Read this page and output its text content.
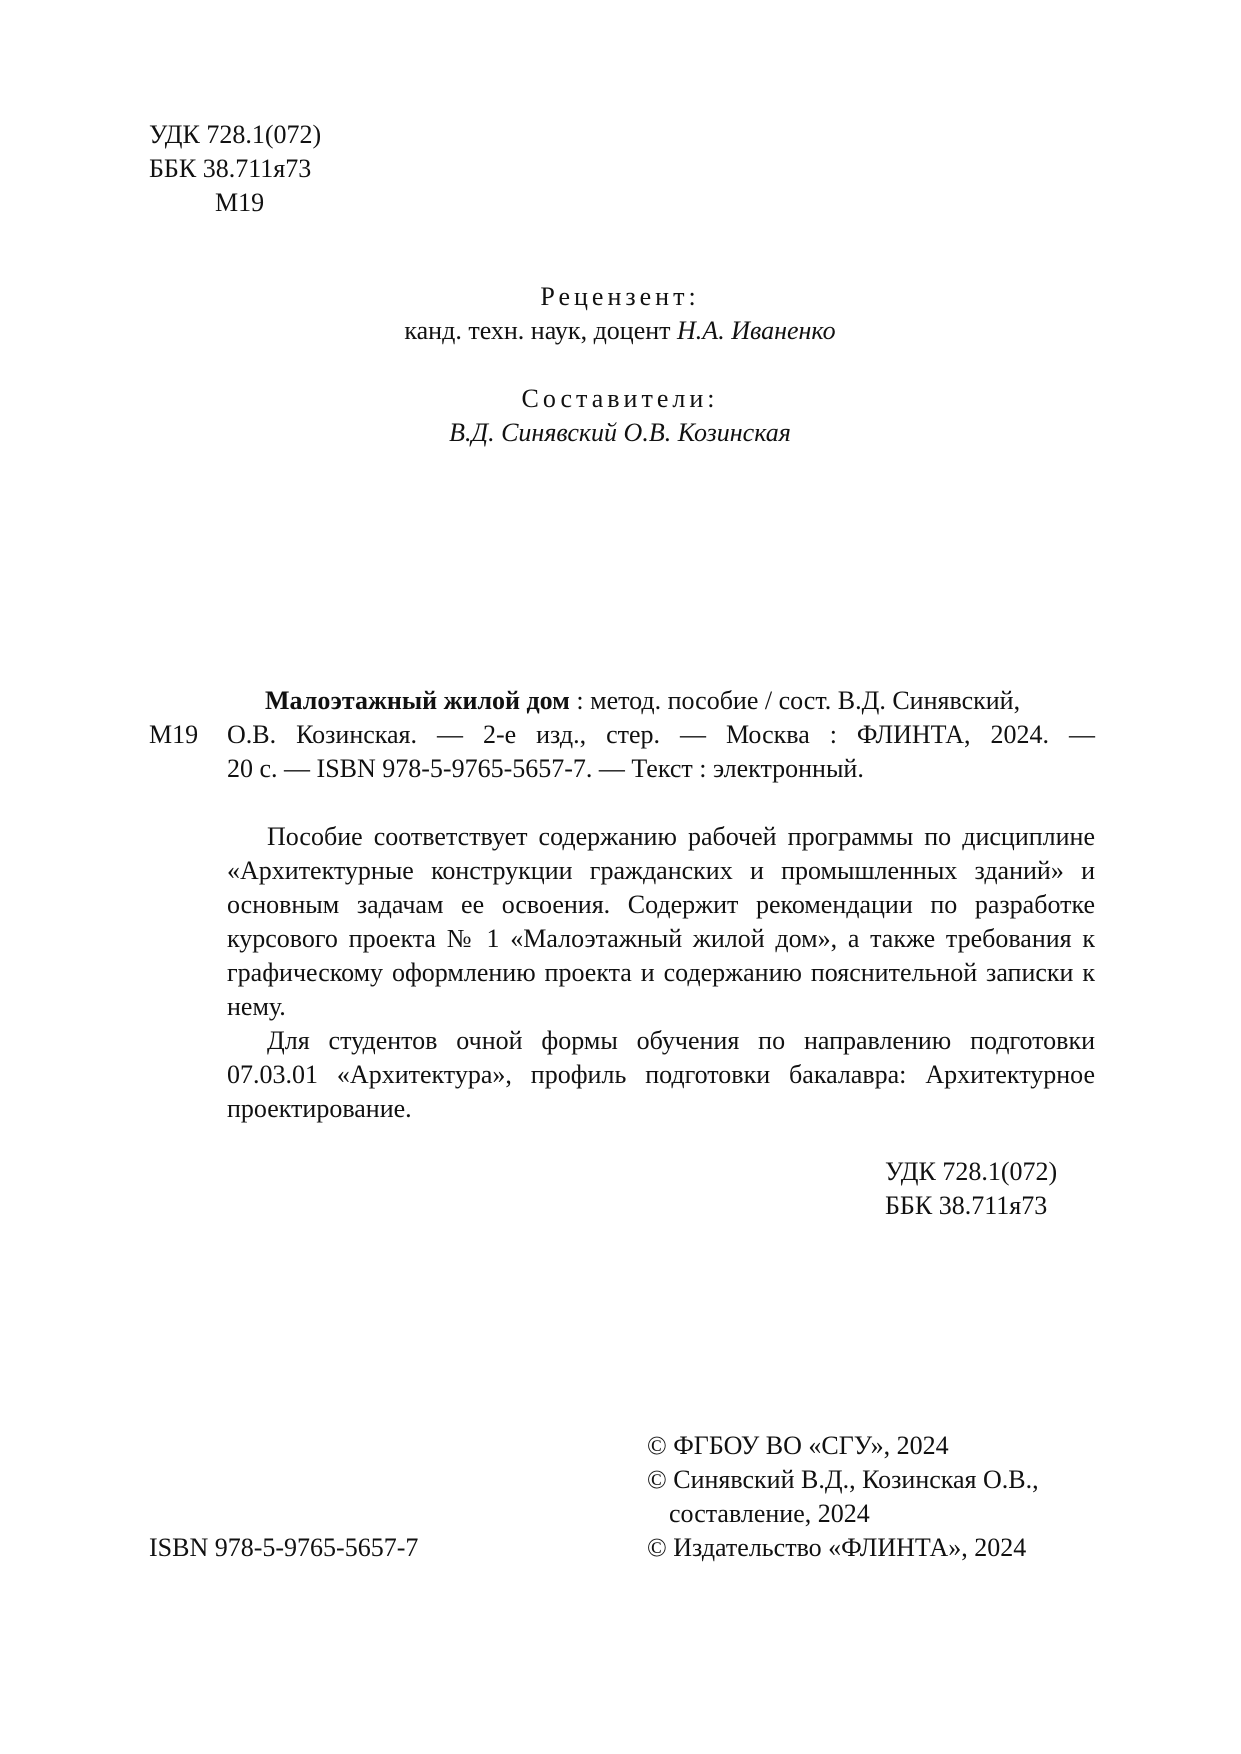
УДК 728.1(072)
ББК 38.711я73
М19
Рецензент:
канд. техн. наук, доцент Н.А. Иваненко
Составители:
В.Д. Синявский О.В. Козинская
Малоэтажный жилой дом : метод. пособие / сост. В.Д. Синявский,
М19 О.В. Козинская. — 2-е изд., стер. — Москва : ФЛИНТА, 2024. —
20 с. — ISBN 978-5-9765-5657-7. — Текст : электронный.

Пособие соответствует содержанию рабочей программы по дисциплине «Архитектурные конструкции гражданских и промышленных зданий» и основным задачам ее освоения. Содержит рекомендации по разработке курсового проекта № 1 «Малоэтажный жилой дом», а также требования к графическому оформлению проекта и содержанию пояснительной записки к нему.

Для студентов очной формы обучения по направлению подготовки 07.03.01 «Архитектура», профиль подготовки бакалавра: Архитектурное проектирование.

УДК 728.1(072)
ББК 38.711я73
© ФГБОУ ВО «СГУ», 2024
© Синявский В.Д., Козинская О.В.,
составление, 2024
© Издательство «ФЛИНТА», 2024
ISBN 978-5-9765-5657-7
